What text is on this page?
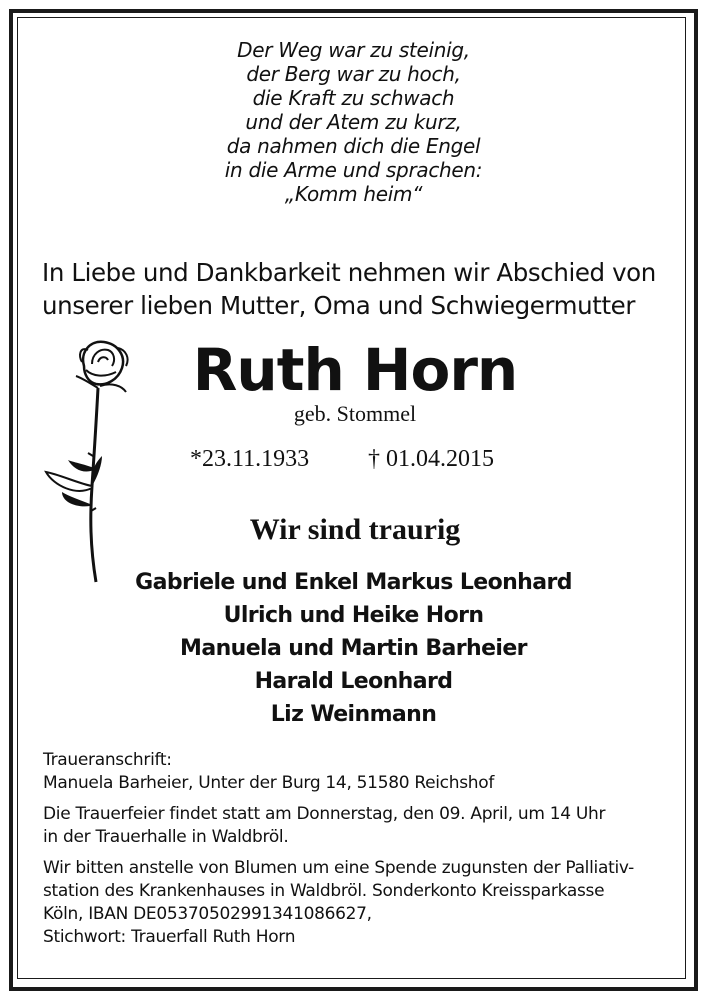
Der Weg war zu steinig,
der Berg war zu hoch,
die Kraft zu schwach
und der Atem zu kurz,
da nahmen dich die Engel
in die Arme und sprachen:
„Komm heim“
In Liebe und Dankbarkeit nehmen wir Abschied von
unserer lieben Mutter, Oma und Schwiegermutter
Ruth Horn
geb. Stommel
*23.11.1933 † 01.04.2015
Wir sind traurig
Gabriele und Enkel Markus Leonhard
Ulrich und Heike Horn
Manuela und Martin Barheier
Harald Leonhard
Liz Weinmann

Traueranschrift:
Manuela Barheier, Unter der Burg 14, 51580 Reichshof

Die Trauerfeier findet statt am Donnerstag, den 09. April, um 14 Uhr
in der Trauerhalle in Waldbröl.

Wir bitten anstelle von Blumen um eine Spende zugunsten der Palliativ-
station des Krankenhauses in Waldbröl. Sonderkonto Kreissparkasse
Köln, IBAN DE05370502991341086627,
Stichwort: Trauerfall Ruth Horn
